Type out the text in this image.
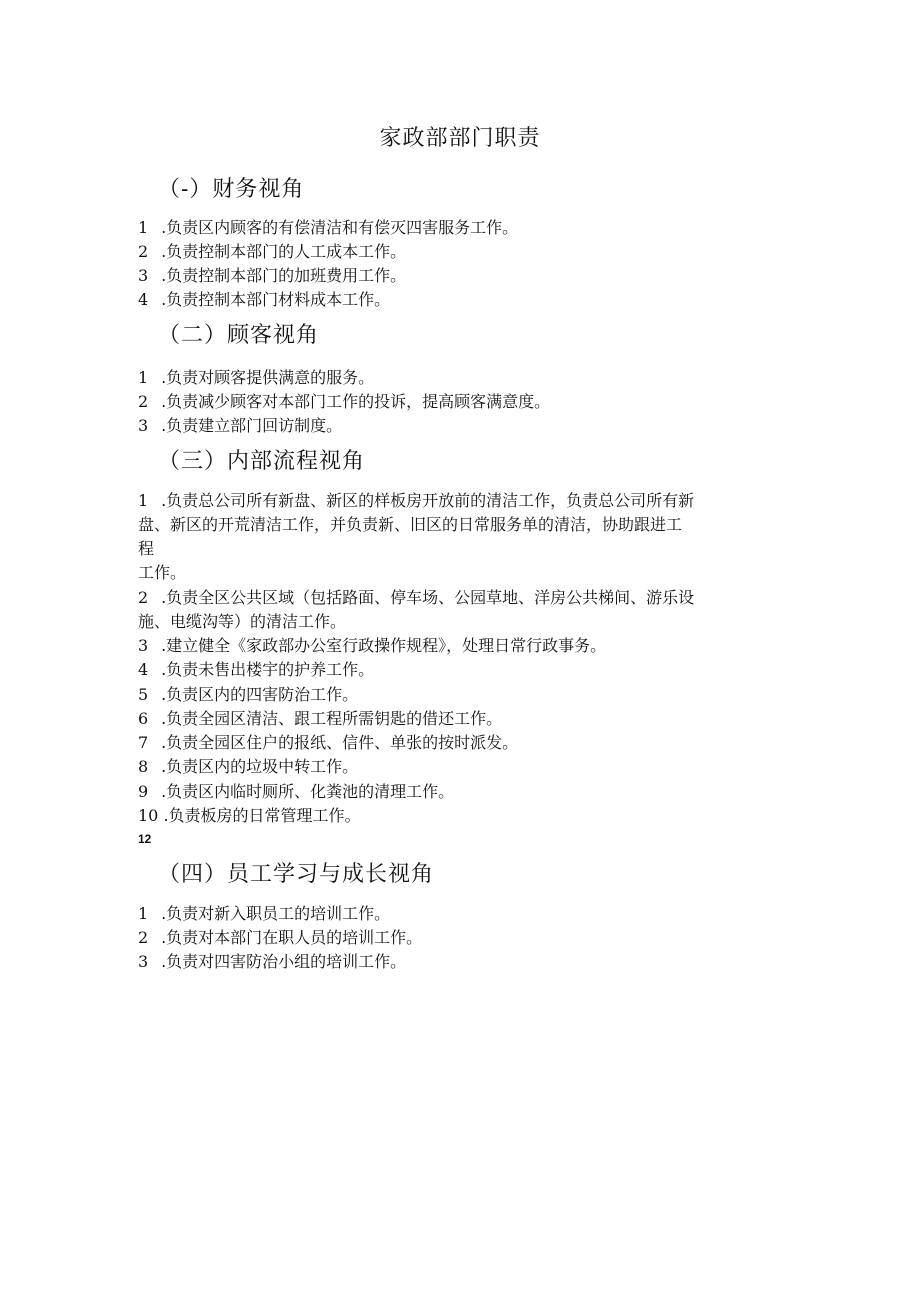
家政部部门职责
（-）财务视角

1 .负责区内顾客的有偿清洁和有偿灭四害服务工作。

2 .负责控制本部门的人工成本工作。

3 .负责控制本部门的加班费用工作。

4 .负责控制本部门材料成本工作。

（二）顾客视角

1 .负责对顾客提供满意的服务。

2 .负责减少顾客对本部门工作的投诉，提高顾客满意度。

3 .负责建立部门回访制度。

（三）内部流程视角

1 .负责总公司所有新盘、新区的样板房开放前的清洁工作，负责总公司所有新

盘、新区的开荒清洁工作，并负责新、旧区的日常服务单的清洁，协助跟进工

程

工作。

2 .负责全区公共区域（包括路面、停车场、公园草地、洋房公共梯间、游乐设

施、电缆沟等）的清洁工作。

3 .建立健全《家政部办公室行政操作规程》，处理日常行政事务。

4 .负责未售出楼宇的护养工作。

5 .负责区内的四害防治工作。

6 .负责全园区清洁、跟工程所需钥匙的借还工作。

7 .负责全园区住户的报纸、信件、单张的按时派发。

8 .负责区内的垃圾中转工作。

9 .负责区内临时厕所、化粪池的清理工作。

10 .负责板房的日常管理工作。

12
（四）员工学习与成长视角

1 .负责对新入职员工的培训工作。

2 .负责对本部门在职人员的培训工作。

3 .负责对四害防治小组的培训工作。
